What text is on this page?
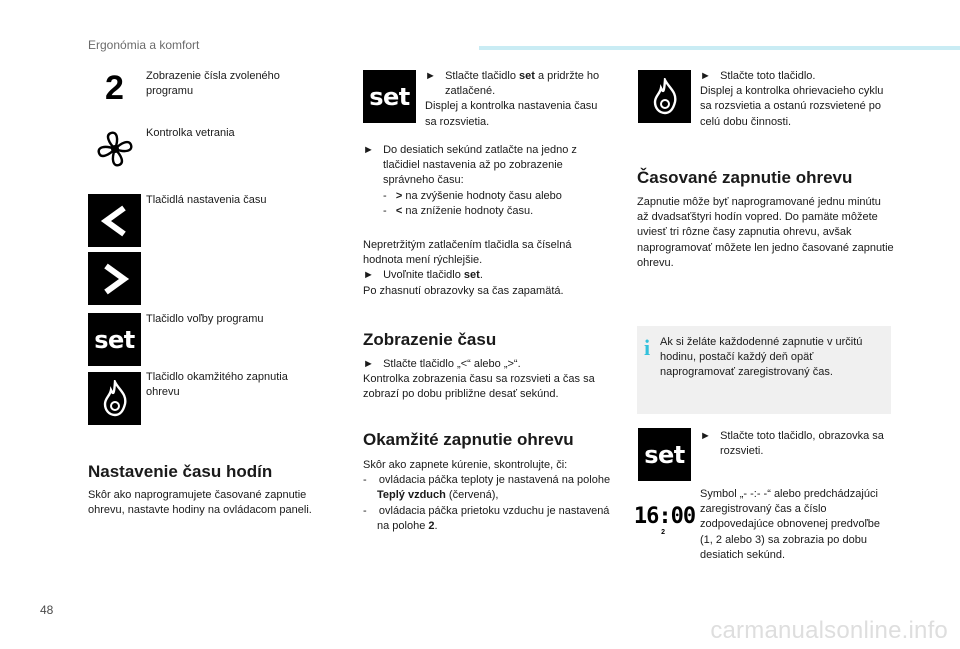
Ergonómia a komfort
2 Zobrazenie čísla zvoleného programu
Kontrolka vetrania
Tlačidlá nastavenia času
set
Tlačidlo voľby programu
Tlačidlo okamžitého zapnutia ohrevu
Nastavenie času hodín
Skôr ako naprogramujete časované zapnutie ohrevu, nastavte hodiny na ovládacom paneli.
set
► Stlačte tlačidlo set a pridržte ho zatlačené.
Displej a kontrolka nastavenia času sa rozsvietia.
► Do desiatich sekúnd zatlačte na jedno z tlačidiel nastavenia až po zobrazenie správneho času:
-   > na zvýšenie hodnoty času alebo
-   < na zníženie hodnoty času.
Nepretržitým zatlačením tlačidla sa číselná hodnota mení rýchlejšie.
► Uvoľnite tlačidlo set.
Po zhasnutí obrazovky sa čas zapamätá.
Zobrazenie času
► Stlačte tlačidlo „<“ alebo „>“.
Kontrolka zobrazenia času sa rozsvieti a čas sa zobrazí po dobu približne desať sekúnd.
Okamžité zapnutie ohrevu
Skôr ako zapnete kúrenie, skontrolujte, či:
-    ovládacia páčka teploty je nastavená na polohe Teplý vzduch (červená),
-    ovládacia páčka prietoku vzduchu je nastavená na polohe 2.
► Stlačte toto tlačidlo.
Displej a kontrolka ohrievacieho cyklu sa rozsvietia a ostanú rozsvietené po celú dobu činnosti.
Časované zapnutie ohrevu
Zapnutie môže byť naprogramované jednu minútu až dvadsaťštyri hodín vopred. Do pamäte môžete uviesť tri rôzne časy zapnutia ohrevu, avšak naprogramovať môžete len jedno časované zapnutie ohrevu.
i Ak si želáte každodenné zapnutie v určitú hodinu, postačí každý deň opäť naprogramovať zaregistrovaný čas.
set
► Stlačte toto tlačidlo, obrazovka sa rozsvieti.
16:00
2
Symbol „- -:- -“ alebo predchádzajúci zaregistrovaný čas a číslo zodpovedajúce obnovenej predvoľbe (1, 2 alebo 3) sa zobrazia po dobu desiatich sekúnd.
48
carmanualsonline.info
